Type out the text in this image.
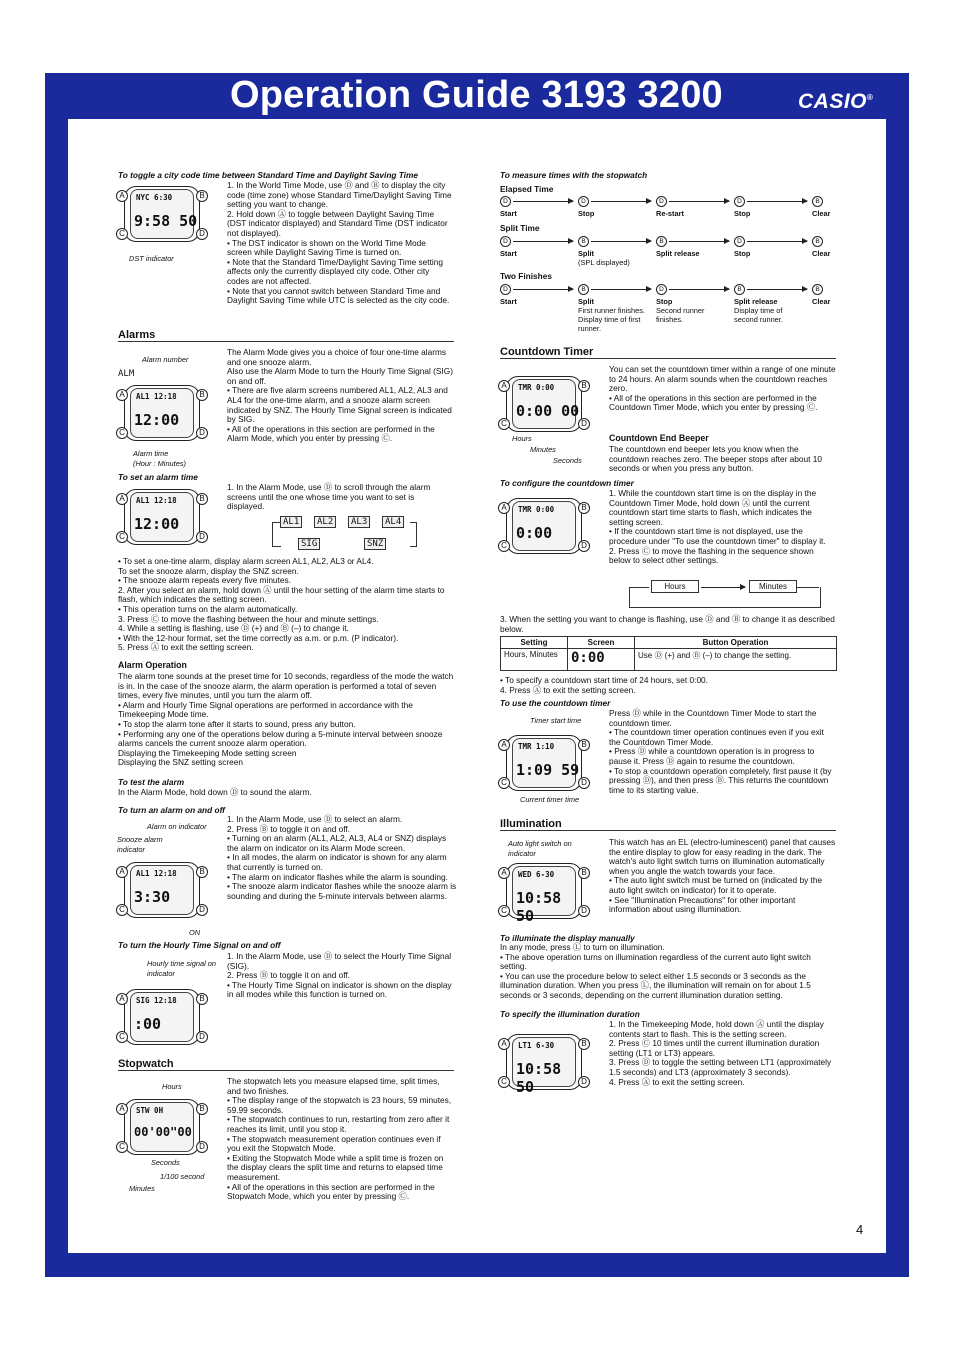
Operation Guide 3193 3200	CASIO®
4
To toggle a city code time between Standard Time and Daylight Saving Time
A	B
C	D
NYC 6:30
9:58 50
DST indicator
1. In the World Time Mode, use Ⓓ and Ⓑ to display the city code (time zone) whose Standard Time/Daylight Saving Time setting you want to change.
2. Hold down Ⓐ to toggle between Daylight Saving Time (DST indicator displayed) and Standard Time (DST indicator not displayed).
• The DST indicator is shown on the World Time Mode screen while Daylight Saving Time is turned on.
• Note that the Standard Time/Daylight Saving Time setting affects only the currently displayed city code. Other city codes are not affected.
• Note that you cannot switch between Standard Time and Daylight Saving Time while UTC is selected as the city code.
Alarms
Alarm number
ALM
A	B
C	D
AL1 12:18
12:00
Alarm time
(Hour : Minutes)
The Alarm Mode gives you a choice of four one-time alarms and one snooze alarm.
Also use the Alarm Mode to turn the Hourly Time Signal (SIG) on and off.
• There are five alarm screens numbered AL1, AL2, AL3 and AL4 for the one-time alarm, and a snooze alarm screen indicated by SNZ. The Hourly Time Signal screen is indicated by SIG.
• All of the operations in this section are performed in the Alarm Mode, which you enter by pressing Ⓒ.
To set an alarm time
A	B
C	D
AL1 12:18
12:00
1. In the Alarm Mode, use Ⓓ to scroll through the alarm screens until the one whose time you want to set is displayed.
AL1	AL2	AL3	AL4
SIG	SNZ
• To set a one-time alarm, display alarm screen AL1, AL2, AL3 or AL4.
To set the snooze alarm, display the SNZ screen.
• The snooze alarm repeats every five minutes.
2. After you select an alarm, hold down Ⓐ until the hour setting of the alarm time starts to flash, which indicates the setting screen.
• This operation turns on the alarm automatically.
3. Press Ⓒ to move the flashing between the hour and minute settings.
4. While a setting is flashing, use Ⓓ (+) and Ⓑ (–) to change it.
• With the 12-hour format, set the time correctly as a.m. or p.m. (P indicator).
5. Press Ⓐ to exit the setting screen.
Alarm Operation
The alarm tone sounds at the preset time for 10 seconds, regardless of the mode the watch is in. In the case of the snooze alarm, the alarm operation is performed a total of seven times, every five minutes, until you turn the alarm off.
• Alarm and Hourly Time Signal operations are performed in accordance with the Timekeeping Mode time.
• To stop the alarm tone after it starts to sound, press any button.
• Performing any one of the operations below during a 5-minute interval between snooze alarms cancels the current snooze alarm operation.
Displaying the Timekeeping Mode setting screen
Displaying the SNZ setting screen
To test the alarm
In the Alarm Mode, hold down Ⓓ to sound the alarm.
To turn an alarm on and off
Alarm on indicator
Snooze alarm indicator
A	B
C	D
AL1 12:18
3:30
ON
1. In the Alarm Mode, use Ⓓ to select an alarm.
2. Press Ⓑ to toggle it on and off.
• Turning on an alarm (AL1, AL2, AL3, AL4 or SNZ) displays the alarm on indicator on its Alarm Mode screen.
• In all modes, the alarm on indicator is shown for any alarm that currently is turned on.
• The alarm on indicator flashes while the alarm is sounding.
• The snooze alarm indicator flashes while the snooze alarm is sounding and during the 5-minute intervals between alarms.
To turn the Hourly Time Signal on and off
Hourly time signal on indicator
A	B
C	D
SIG 12:18
:00
1. In the Alarm Mode, use Ⓓ to select the Hourly Time Signal (SIG).
2. Press Ⓑ to toggle it on and off.
• The Hourly Time Signal on indicator is shown on the display in all modes while this function is turned on.
Stopwatch
Hours
A	B
C	D
STW 0H
00'00"00
Seconds
1/100 second
Minutes
The stopwatch lets you measure elapsed time, split times, and two finishes.
• The display range of the stopwatch is 23 hours, 59 minutes, 59.99 seconds.
• The stopwatch continues to run, restarting from zero after it reaches its limit, until you stop it.
• The stopwatch measurement operation continues even if you exit the Stopwatch Mode.
• Exiting the Stopwatch Mode while a split time is frozen on the display clears the split time and returns to elapsed time measurement.
• All of the operations in this section are performed in the Stopwatch Mode, which you enter by pressing Ⓒ.
To measure times with the stopwatch
Elapsed Time
D	D	D	D	B
Start	Stop	Re-start	Stop	Clear
Split Time
D	B	B	D	B
Start	Split
(SPL displayed)
Split release	Stop	Clear
Two Finishes
D	B	D	B	B
Start	Split
First runner finishes. Display time of first runner.
Stop
Second runner finishes.
Split release
Display time of second runner.
Clear
Countdown Timer
A	B
C	D
TMR 0:00
0:00 00
Hours
Minutes
Seconds
You can set the countdown timer within a range of one minute to 24 hours. An alarm sounds when the countdown reaches zero.
• All of the operations in this section are performed in the Countdown Timer Mode, which you enter by pressing Ⓒ.
Countdown End Beeper
The countdown end beeper lets you know when the countdown reaches zero. The beeper stops after about 10 seconds or when you press any button.
To configure the countdown timer
A	B
C	D
TMR 0:00
0:00
1. While the countdown start time is on the display in the Countdown Timer Mode, hold down Ⓐ until the current countdown start time starts to flash, which indicates the setting screen.
• If the countdown start time is not displayed, use the procedure under "To use the countdown timer" to display it.
2. Press Ⓒ to move the flashing in the sequence shown below to select other settings.
Hours	Minutes
3. When the setting you want to change is flashing, use Ⓓ and Ⓑ to change it as described below.
Setting	Screen	Button Operation
Hours, Minutes	0:00	Use Ⓓ (+) and Ⓑ (–) to change the setting.
• To specify a countdown start time of 24 hours, set 0:00.
4. Press Ⓐ to exit the setting screen.
To use the countdown timer
Timer start time
A	B
C	D
TMR 1:10
1:09 59
Current timer time
Press Ⓓ while in the Countdown Timer Mode to start the countdown timer.
• The countdown timer operation continues even if you exit the Countdown Timer Mode.
• Press Ⓓ while a countdown operation is in progress to pause it. Press Ⓓ again to resume the countdown.
• To stop a countdown operation completely, first pause it (by pressing Ⓓ), and then press Ⓑ. This returns the countdown time to its starting value.
Illumination
Auto light switch on indicator
A	B
C	D
WED 6-30
10:58 50
This watch has an EL (electro-luminescent) panel that causes the entire display to glow for easy reading in the dark. The watch's auto light switch turns on illumination automatically when you angle the watch towards your face.
• The auto light switch must be turned on (indicated by the auto light switch on indicator) for it to operate.
• See "Illumination Precautions" for other important information about using illumination.
To illuminate the display manually
In any mode, press Ⓛ to turn on illumination.
• The above operation turns on illumination regardless of the current auto light switch setting.
• You can use the procedure below to select either 1.5 seconds or 3 seconds as the illumination duration. When you press Ⓛ, the illumination will remain on for about 1.5 seconds or 3 seconds, depending on the current illumination duration setting.
To specify the illumination duration
A	B
C	D
LT1 6-30
10:58 50
1. In the Timekeeping Mode, hold down Ⓐ until the display contents start to flash. This is the setting screen.
2. Press Ⓒ 10 times until the current illumination duration setting (LT1 or LT3) appears.
3. Press Ⓓ to toggle the setting between LT1 (approximately 1.5 seconds) and LT3 (approximately 3 seconds).
4. Press Ⓐ to exit the setting screen.
